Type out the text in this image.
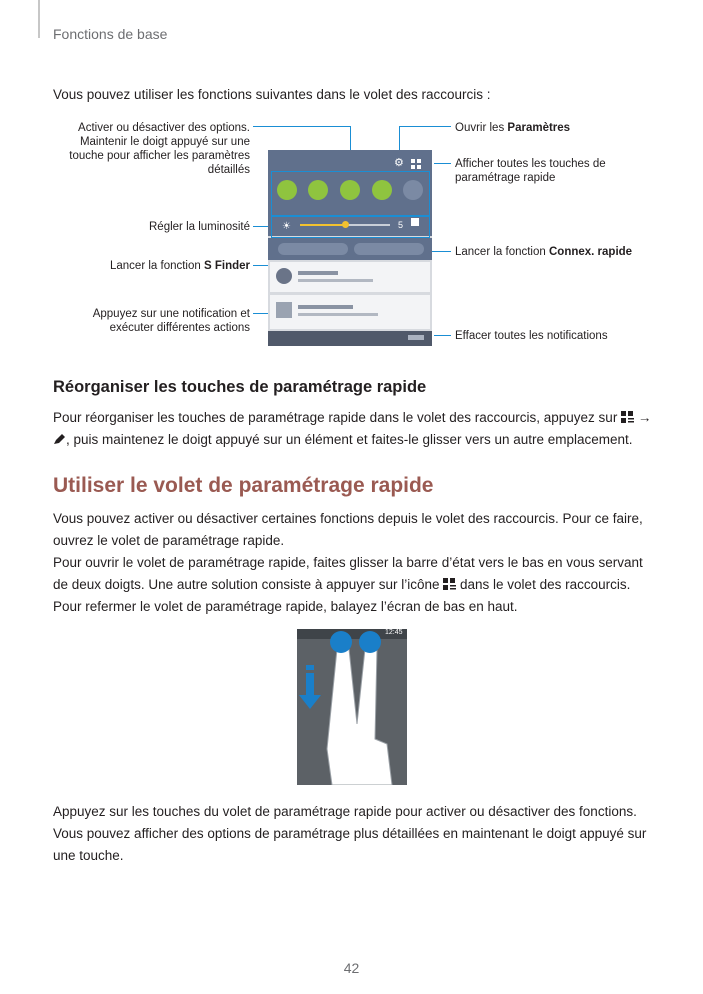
Fonctions de base
Vous pouvez utiliser les fonctions suivantes dans le volet des raccourcis :
Activer ou désactiver des options. Maintenir le doigt appuyé sur une touche pour afficher les paramètres détaillés
Régler la luminosité
Lancer la fonction S Finder
Appuyez sur une notification et exécuter différentes actions
Ouvrir les Paramètres
Afficher toutes les touches de paramétrage rapide
Lancer la fonction Connex. rapide
Effacer toutes les notifications
⚙
☀	5
Réorganiser les touches de paramétrage rapide
Pour réorganiser les touches de paramétrage rapide dans le volet des raccourcis, appuyez sur →
, puis maintenez le doigt appuyé sur un élément et faites-le glisser vers un autre emplacement.
Utiliser le volet de paramétrage rapide
Vous pouvez activer ou désactiver certaines fonctions depuis le volet des raccourcis. Pour ce faire, ouvrez le volet de paramétrage rapide.
Pour ouvrir le volet de paramétrage rapide, faites glisser la barre d’état vers le bas en vous servant de deux doigts. Une autre solution consiste à appuyer sur l’icône dans le volet des raccourcis. Pour refermer le volet de paramétrage rapide, balayez l’écran de bas en haut.
12:45
Appuyez sur les touches du volet de paramétrage rapide pour activer ou désactiver des fonctions. Vous pouvez afficher des options de paramétrage plus détaillées en maintenant le doigt appuyé sur une touche.
42
